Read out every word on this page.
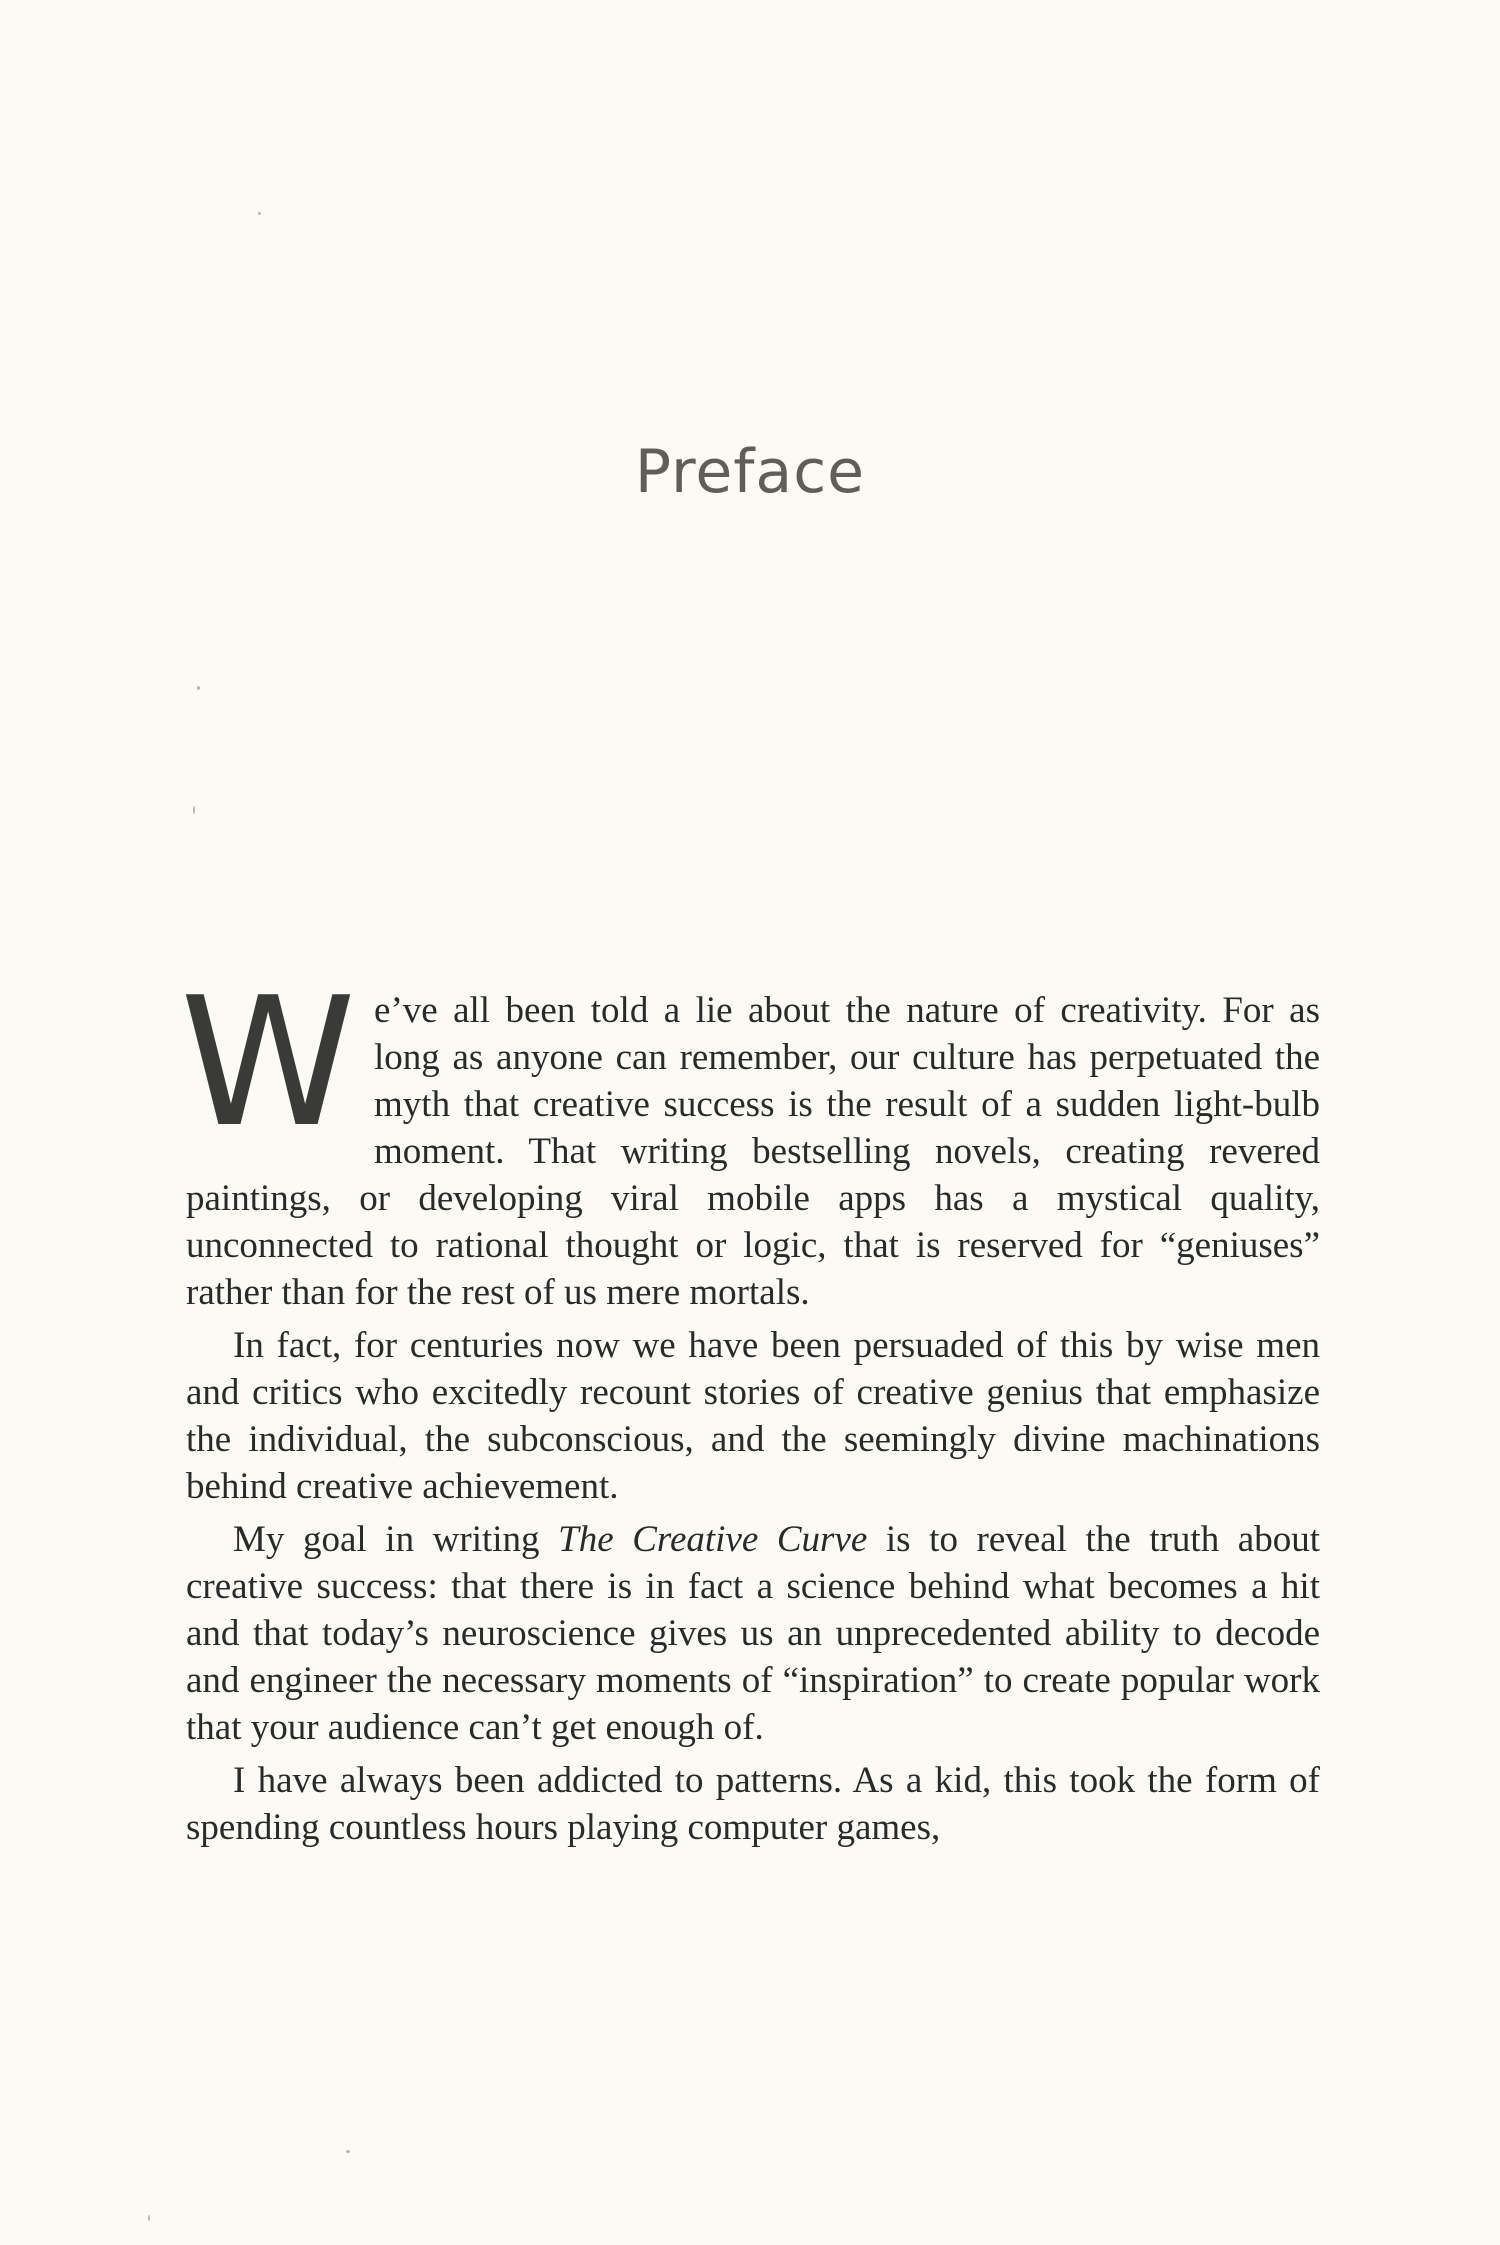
Preface

We’ve all been told a lie about the nature of creativity. For as long as anyone can remember, our culture has perpetuated the myth that creative success is the result of a sudden light-bulb moment. That writing bestselling novels, creating revered paintings, or developing viral mobile apps has a mystical quality, unconnected to rational thought or logic, that is reserved for “geniuses” rather than for the rest of us mere mortals.

In fact, for centuries now we have been persuaded of this by wise men and critics who excitedly recount stories of creative genius that emphasize the individual, the subconscious, and the seemingly divine machinations behind creative achievement.

My goal in writing The Creative Curve is to reveal the truth about creative success: that there is in fact a science behind what becomes a hit and that today’s neuroscience gives us an unprecedented ability to decode and engineer the necessary moments of “inspiration” to create popular work that your audience can’t get enough of.

I have always been addicted to patterns. As a kid, this took the form of spending countless hours playing computer games,
